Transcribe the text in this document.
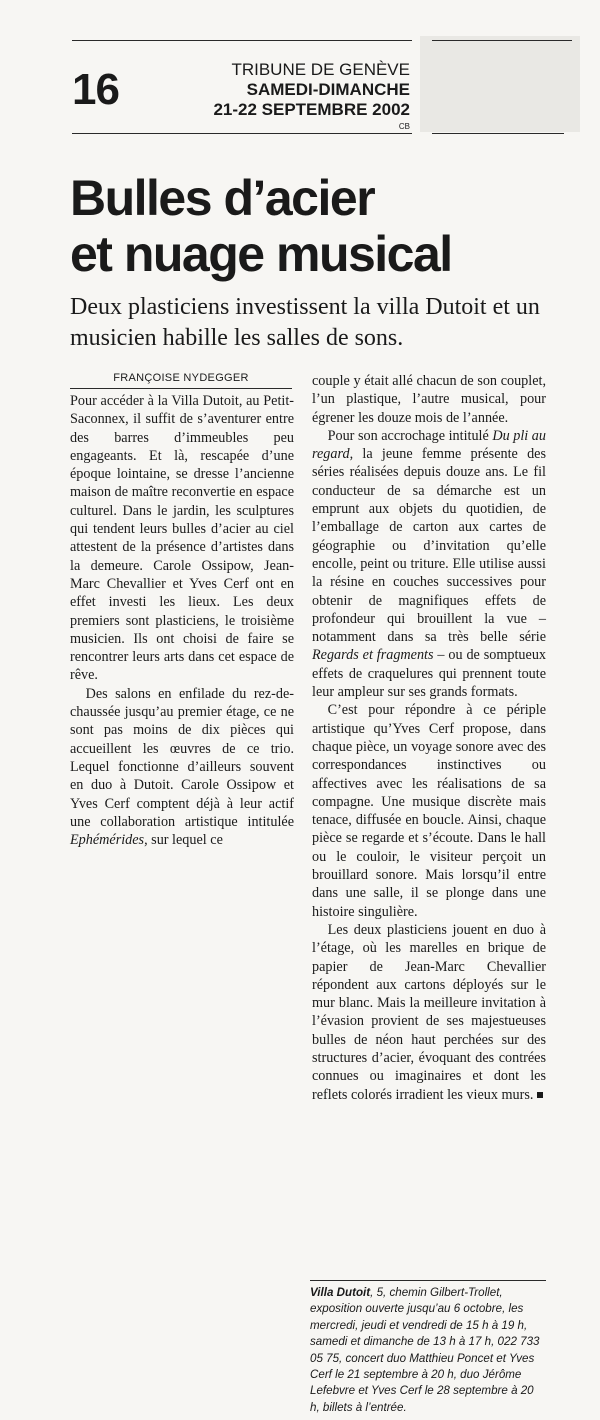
16	TRIBUNE DE GENÈVE
SAMEDI-DIMANCHE
21-22 SEPTEMBRE 2002
CB
Bulles d’acier
et nuage musical

Deux plasticiens investissent la villa Dutoit et un musicien habille les salles de sons.

FRANÇOISE NYDEGGER

Pour accéder à la Villa Dutoit, au Petit-Saconnex, il suffit de s’aventurer entre des barres d’immeubles peu engageants. Et là, rescapée d’une époque lointaine, se dresse l’ancienne maison de maître reconvertie en espace culturel. Dans le jardin, les sculptures qui tendent leurs bulles d’acier au ciel attestent de la présence d’artistes dans la demeure. Carole Ossipow, Jean-Marc Chevallier et Yves Cerf ont en effet investi les lieux. Les deux premiers sont plasticiens, le troisième musicien. Ils ont choisi de faire se rencontrer leurs arts dans cet espace de rêve.

Des salons en enfilade du rez-de-chaussée jusqu’au premier étage, ce ne sont pas moins de dix pièces qui accueillent les œuvres de ce trio. Lequel fonctionne d’ailleurs souvent en duo à Dutoit. Carole Ossipow et Yves Cerf comptent déjà à leur actif une collaboration artistique intitulée Ephémérides, sur lequel ce

couple y était allé chacun de son couplet, l’un plastique, l’autre musical, pour égrener les douze mois de l’année.

Pour son accrochage intitulé Du pli au regard, la jeune femme présente des séries réalisées depuis douze ans. Le fil conducteur de sa démarche est un emprunt aux objets du quotidien, de l’emballage de carton aux cartes de géographie ou d’invitation qu’elle encolle, peint ou triture. Elle utilise aussi la résine en couches successives pour obtenir de magnifiques effets de profondeur qui brouillent la vue – notamment dans sa très belle série Regards et fragments – ou de somptueux effets de craquelures qui prennent toute leur ampleur sur ses grands formats.

C’est pour répondre à ce périple artistique qu’Yves Cerf propose, dans chaque pièce, un voyage sonore avec des correspondances instinctives ou affectives avec les réalisations de sa compagne. Une musique discrète mais tenace, diffusée en boucle. Ainsi, chaque pièce se regarde et s’écoute. Dans le hall ou le couloir, le visiteur perçoit un brouillard sonore. Mais lorsqu’il entre dans une salle, il se plonge dans une histoire singulière.

Les deux plasticiens jouent en duo à l’étage, où les marelles en brique de papier de Jean-Marc Chevallier répondent aux cartons déployés sur le mur blanc. Mais la meilleure invitation à l’évasion provient de ses majestueuses bulles de néon haut perchées sur des structures d’acier, évoquant des contrées connues ou imaginaires et dont les reflets colorés irradient les vieux murs.

Villa Dutoit, 5, chemin Gilbert-Trollet, exposition ouverte jusqu’au 6 octobre, les mercredi, jeudi et vendredi de 15 h à 19 h, samedi et dimanche de 13 h à 17 h, 022 733 05 75, concert duo Matthieu Poncet et Yves Cerf le 21 septembre à 20 h, duo Jérôme Lefebvre et Yves Cerf le 28 septembre à 20 h, billets à l’entrée.
